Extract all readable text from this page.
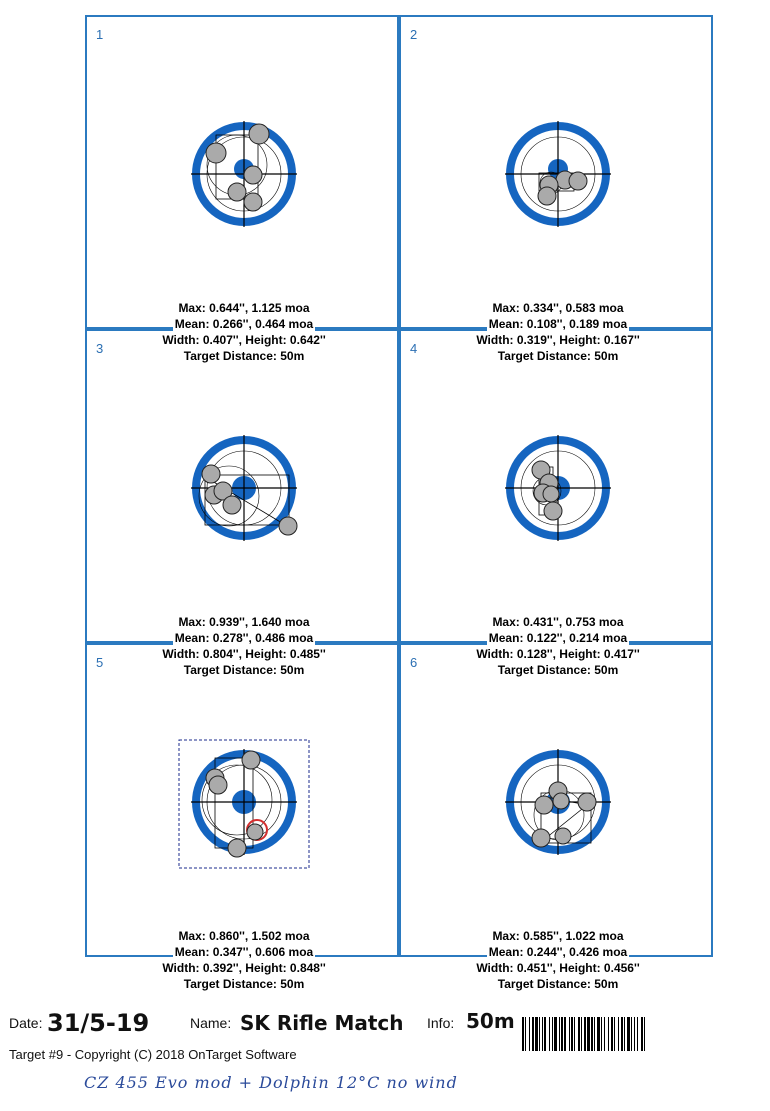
1
Max: 0.644'', 1.125 moa
Mean: 0.266'', 0.464 moa
Width: 0.407'', Height: 0.642''
Target Distance: 50m
2
Max: 0.334'', 0.583 moa
Mean: 0.108'', 0.189 moa
Width: 0.319'', Height: 0.167''
Target Distance: 50m
3
Max: 0.939'', 1.640 moa
Mean: 0.278'', 0.486 moa
Width: 0.804'', Height: 0.485''
Target Distance: 50m
4
Max: 0.431'', 0.753 moa
Mean: 0.122'', 0.214 moa
Width: 0.128'', Height: 0.417''
Target Distance: 50m
5
Max: 0.860'', 1.502 moa
Mean: 0.347'', 0.606 moa
Width: 0.392'', Height: 0.848''
Target Distance: 50m
6
Max: 0.585'', 1.022 moa
Mean: 0.244'', 0.426 moa
Width: 0.451'', Height: 0.456''
Target Distance: 50m
Date: 31/5-19	Name: SK Rifle Match Info: 50m
Target #9 - Copyright (C) 2018 OnTarget Software
CZ 455 Evo mod + Dolphin 12°C no wind
